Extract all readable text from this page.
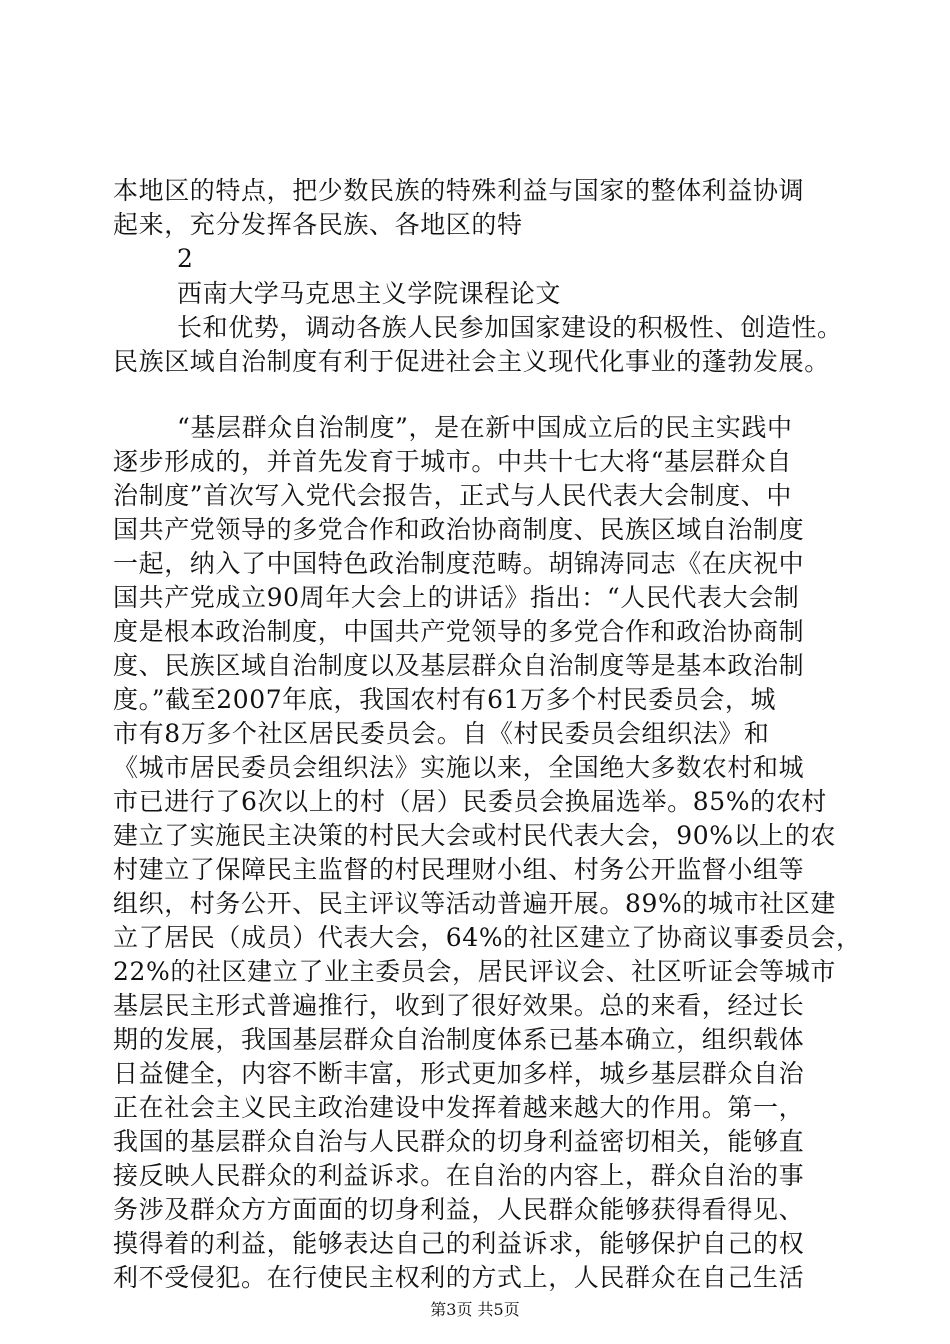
本地区的特点，把少数民族的特殊利益与国家的整体利益协调
起来，充分发挥各民族、各地区的特
2
西南大学马克思主义学院课程论文
长和优势，调动各族人民参加国家建设的积极性、创造性。
民族区域自治制度有利于促进社会主义现代化事业的蓬勃发展。
“基层群众自治制度”，是在新中国成立后的民主实践中
逐步形成的，并首先发育于城市。中共十七大将“基层群众自
治制度”首次写入党代会报告，正式与人民代表大会制度、中
国共产党领导的多党合作和政治协商制度、民族区域自治制度
一起，纳入了中国特色政治制度范畴。胡锦涛同志《在庆祝中
国共产党成立90周年大会上的讲话》指出：“人民代表大会制
度是根本政治制度，中国共产党领导的多党合作和政治协商制
度、民族区域自治制度以及基层群众自治制度等是基本政治制
度。”截至2007年底，我国农村有61万多个村民委员会，城
市有8万多个社区居民委员会。自《村民委员会组织法》和
《城市居民委员会组织法》实施以来，全国绝大多数农村和城
市已进行了6次以上的村（居）民委员会换届选举。85%的农村
建立了实施民主决策的村民大会或村民代表大会，90%以上的农
村建立了保障民主监督的村民理财小组、村务公开监督小组等
组织，村务公开、民主评议等活动普遍开展。89%的城市社区建
立了居民（成员）代表大会，64%的社区建立了协商议事委员会，
22%的社区建立了业主委员会，居民评议会、社区听证会等城市
基层民主形式普遍推行，收到了很好效果。总的来看，经过长
期的发展，我国基层群众自治制度体系已基本确立，组织载体
日益健全，内容不断丰富，形式更加多样，城乡基层群众自治
正在社会主义民主政治建设中发挥着越来越大的作用。第一，
我国的基层群众自治与人民群众的切身利益密切相关，能够直
接反映人民群众的利益诉求。在自治的内容上，群众自治的事
务涉及群众方方面面的切身利益，人民群众能够获得看得见、
摸得着的利益，能够表达自己的利益诉求，能够保护自己的权
利不受侵犯。在行使民主权利的方式上，人民群众在自己生活
第3页 共5页
